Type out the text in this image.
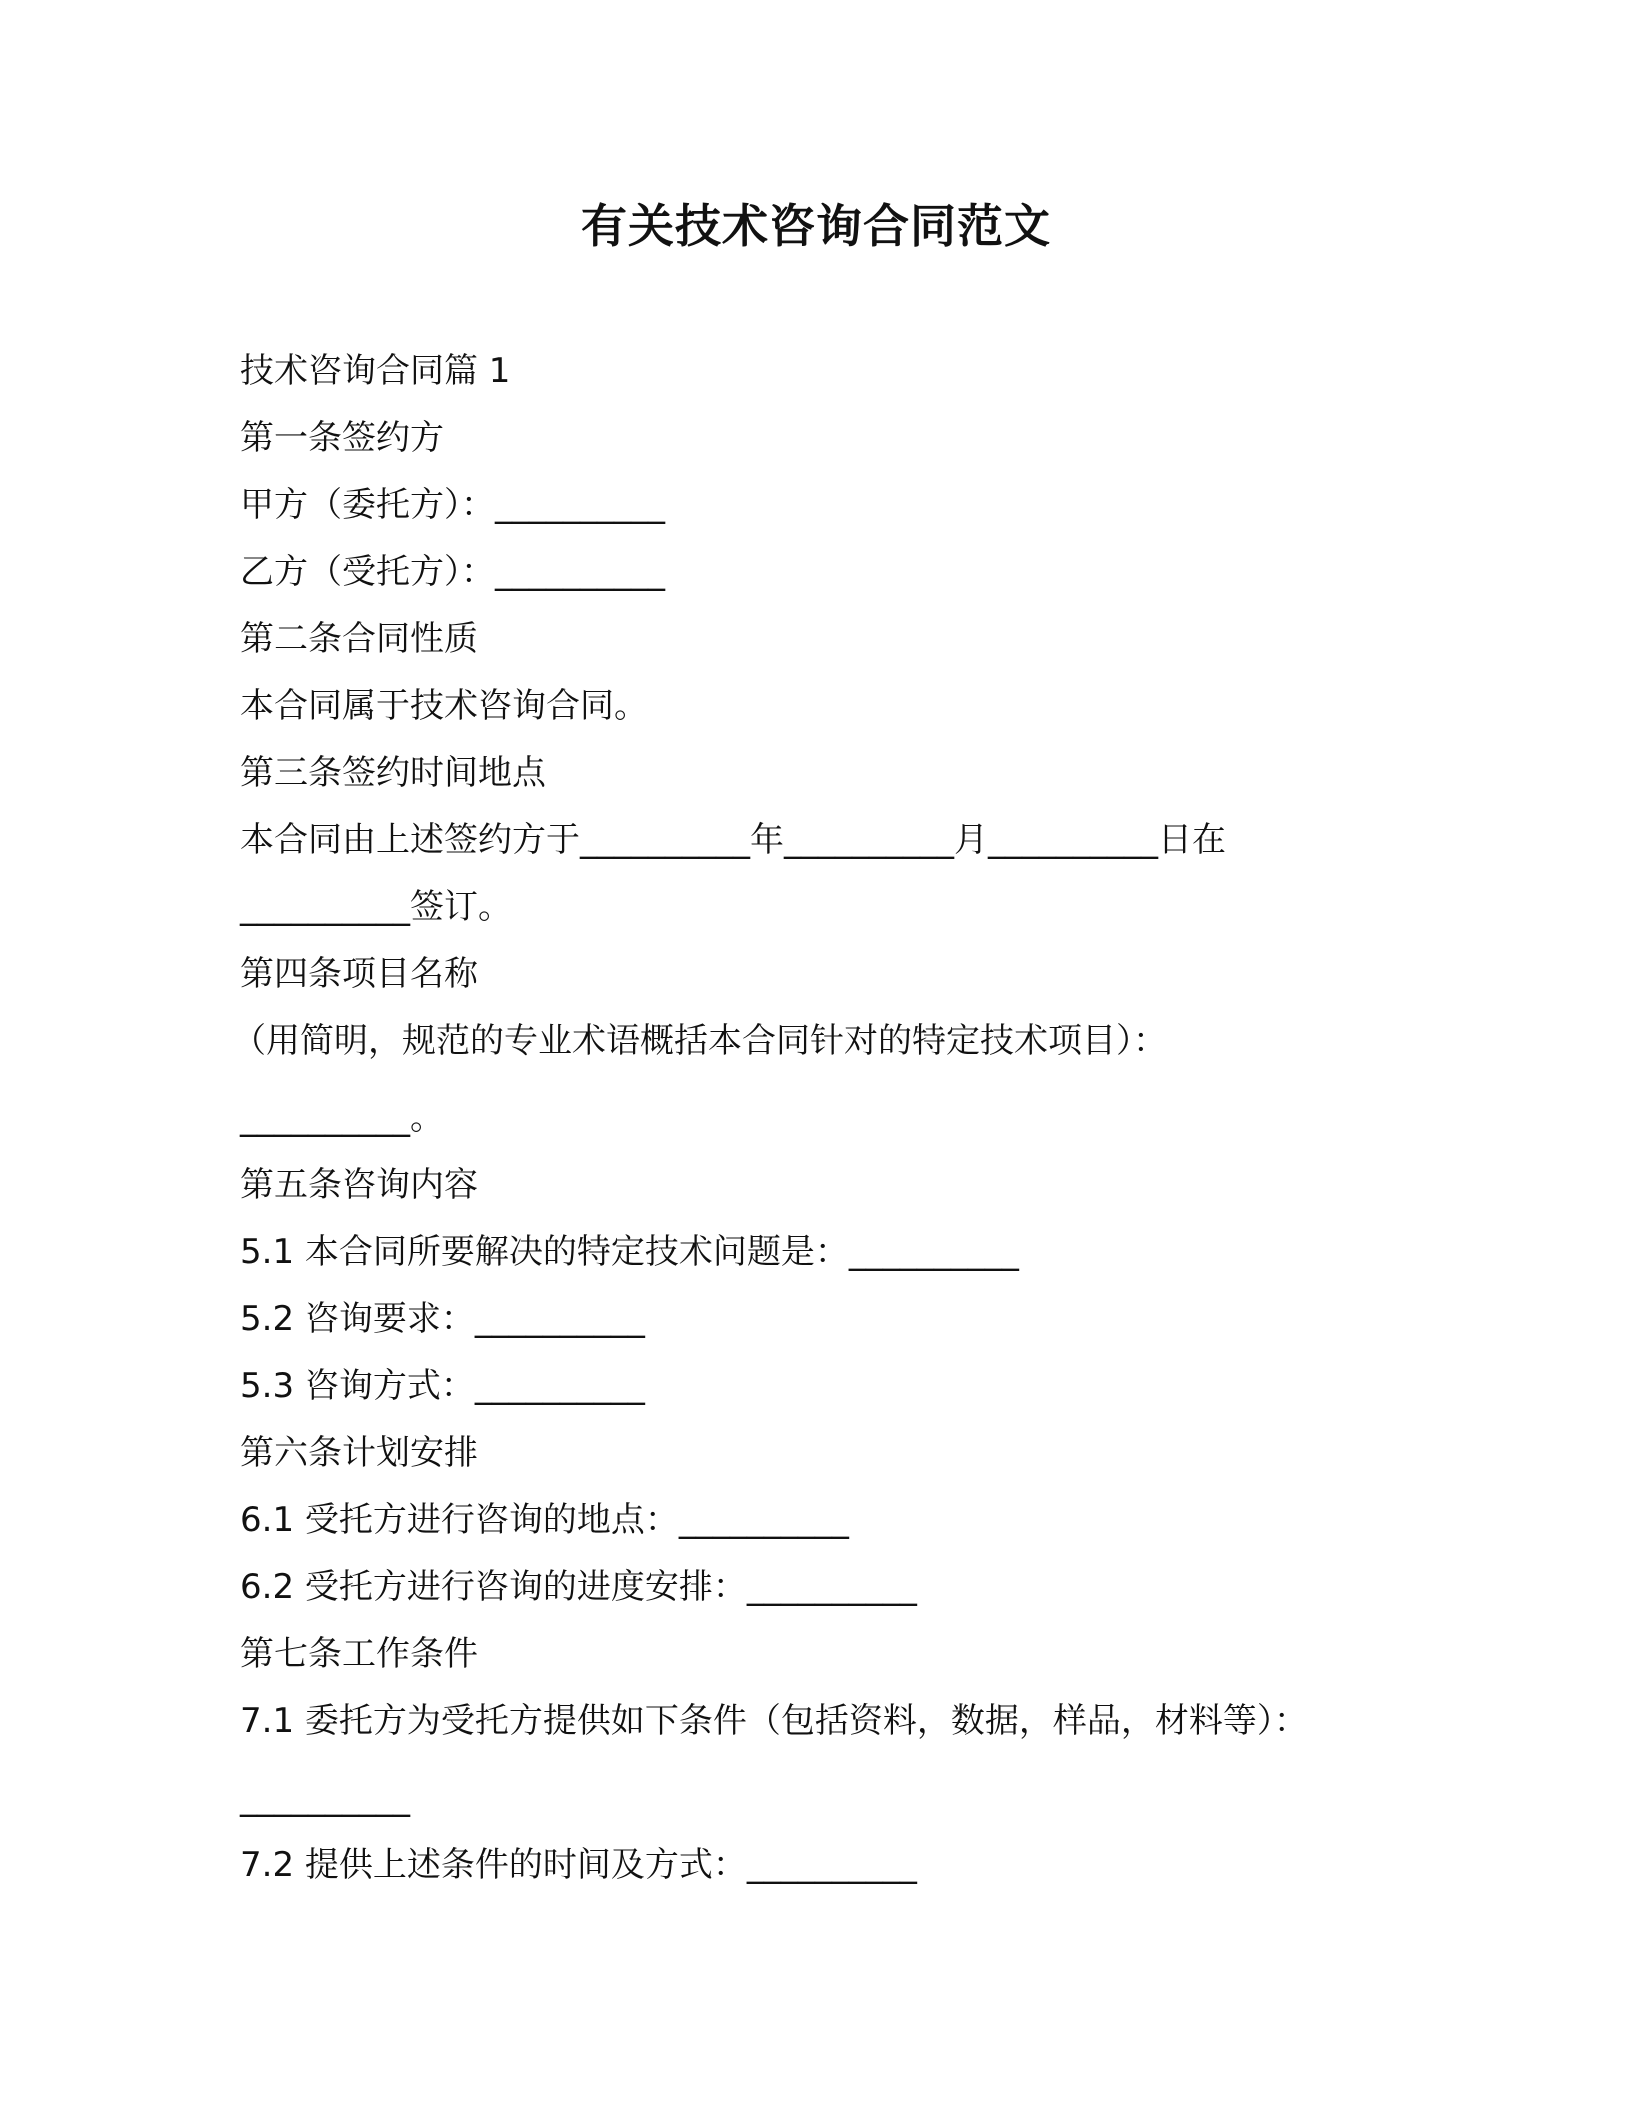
有关技术咨询合同范文
技术咨询合同篇 1
第一条签约方
甲方（委托方）：__________
乙方（受托方）：__________
第二条合同性质
本合同属于技术咨询合同。
第三条签约时间地点
本合同由上述签约方于__________年__________月__________日在
__________签订。
第四条项目名称
（用简明，规范的专业术语概括本合同针对的特定技术项目）：
__________。
第五条咨询内容
5.1 本合同所要解决的特定技术问题是：__________
5.2 咨询要求：__________
5.3 咨询方式：__________
第六条计划安排
6.1 受托方进行咨询的地点：__________
6.2 受托方进行咨询的进度安排：__________
第七条工作条件
7.1 委托方为受托方提供如下条件（包括资料，数据，样品，材料等）：
__________
7.2 提供上述条件的时间及方式：__________
